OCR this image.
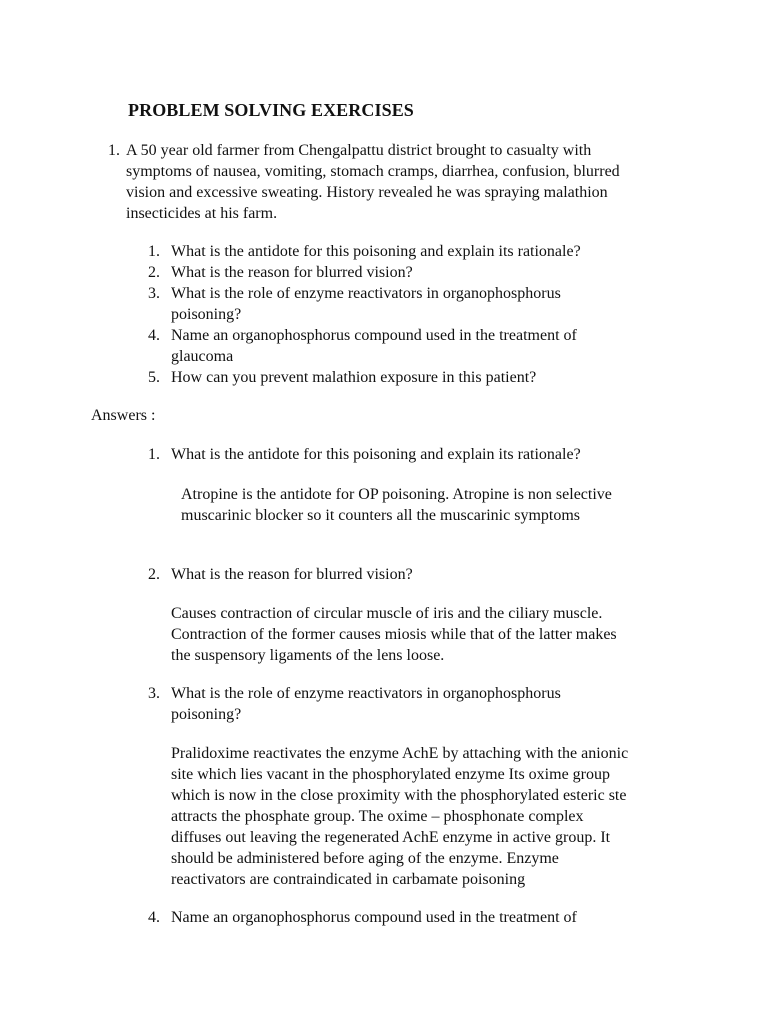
PROBLEM SOLVING EXERCISES
1. A 50 year old farmer from Chengalpattu district brought to casualty with
symptoms of nausea, vomiting, stomach cramps, diarrhea, confusion, blurred
vision and excessive sweating. History revealed he was spraying malathion
insecticides at his farm.
1. What is the antidote for this poisoning and explain its rationale?
2. What is the reason for blurred vision?
3. What is the role of enzyme reactivators in organophosphorus
poisoning?
4. Name an organophosphorus compound used in the treatment of
glaucoma
5. How can you prevent malathion exposure in this patient?
Answers :
1. What is the antidote for this poisoning and explain its rationale?
Atropine is the antidote for OP poisoning. Atropine is non selective
muscarinic blocker so it counters all the muscarinic symptoms
2. What is the reason for blurred vision?
Causes contraction of circular muscle of iris and the ciliary muscle.
Contraction of the former causes miosis while that of the latter makes
the suspensory ligaments of the lens loose.
3. What is the role of enzyme reactivators in organophosphorus
poisoning?
Pralidoxime reactivates the enzyme AchE by attaching with the anionic
site which lies vacant in the phosphorylated enzyme Its oxime group
which is now in the close proximity with the phosphorylated esteric ste
attracts the phosphate group. The oxime – phosphonate complex
diffuses out leaving the regenerated AchE enzyme in active group. It
should be administered before aging of the enzyme. Enzyme
reactivators are contraindicated in carbamate poisoning
4. Name an organophosphorus compound used in the treatment of
